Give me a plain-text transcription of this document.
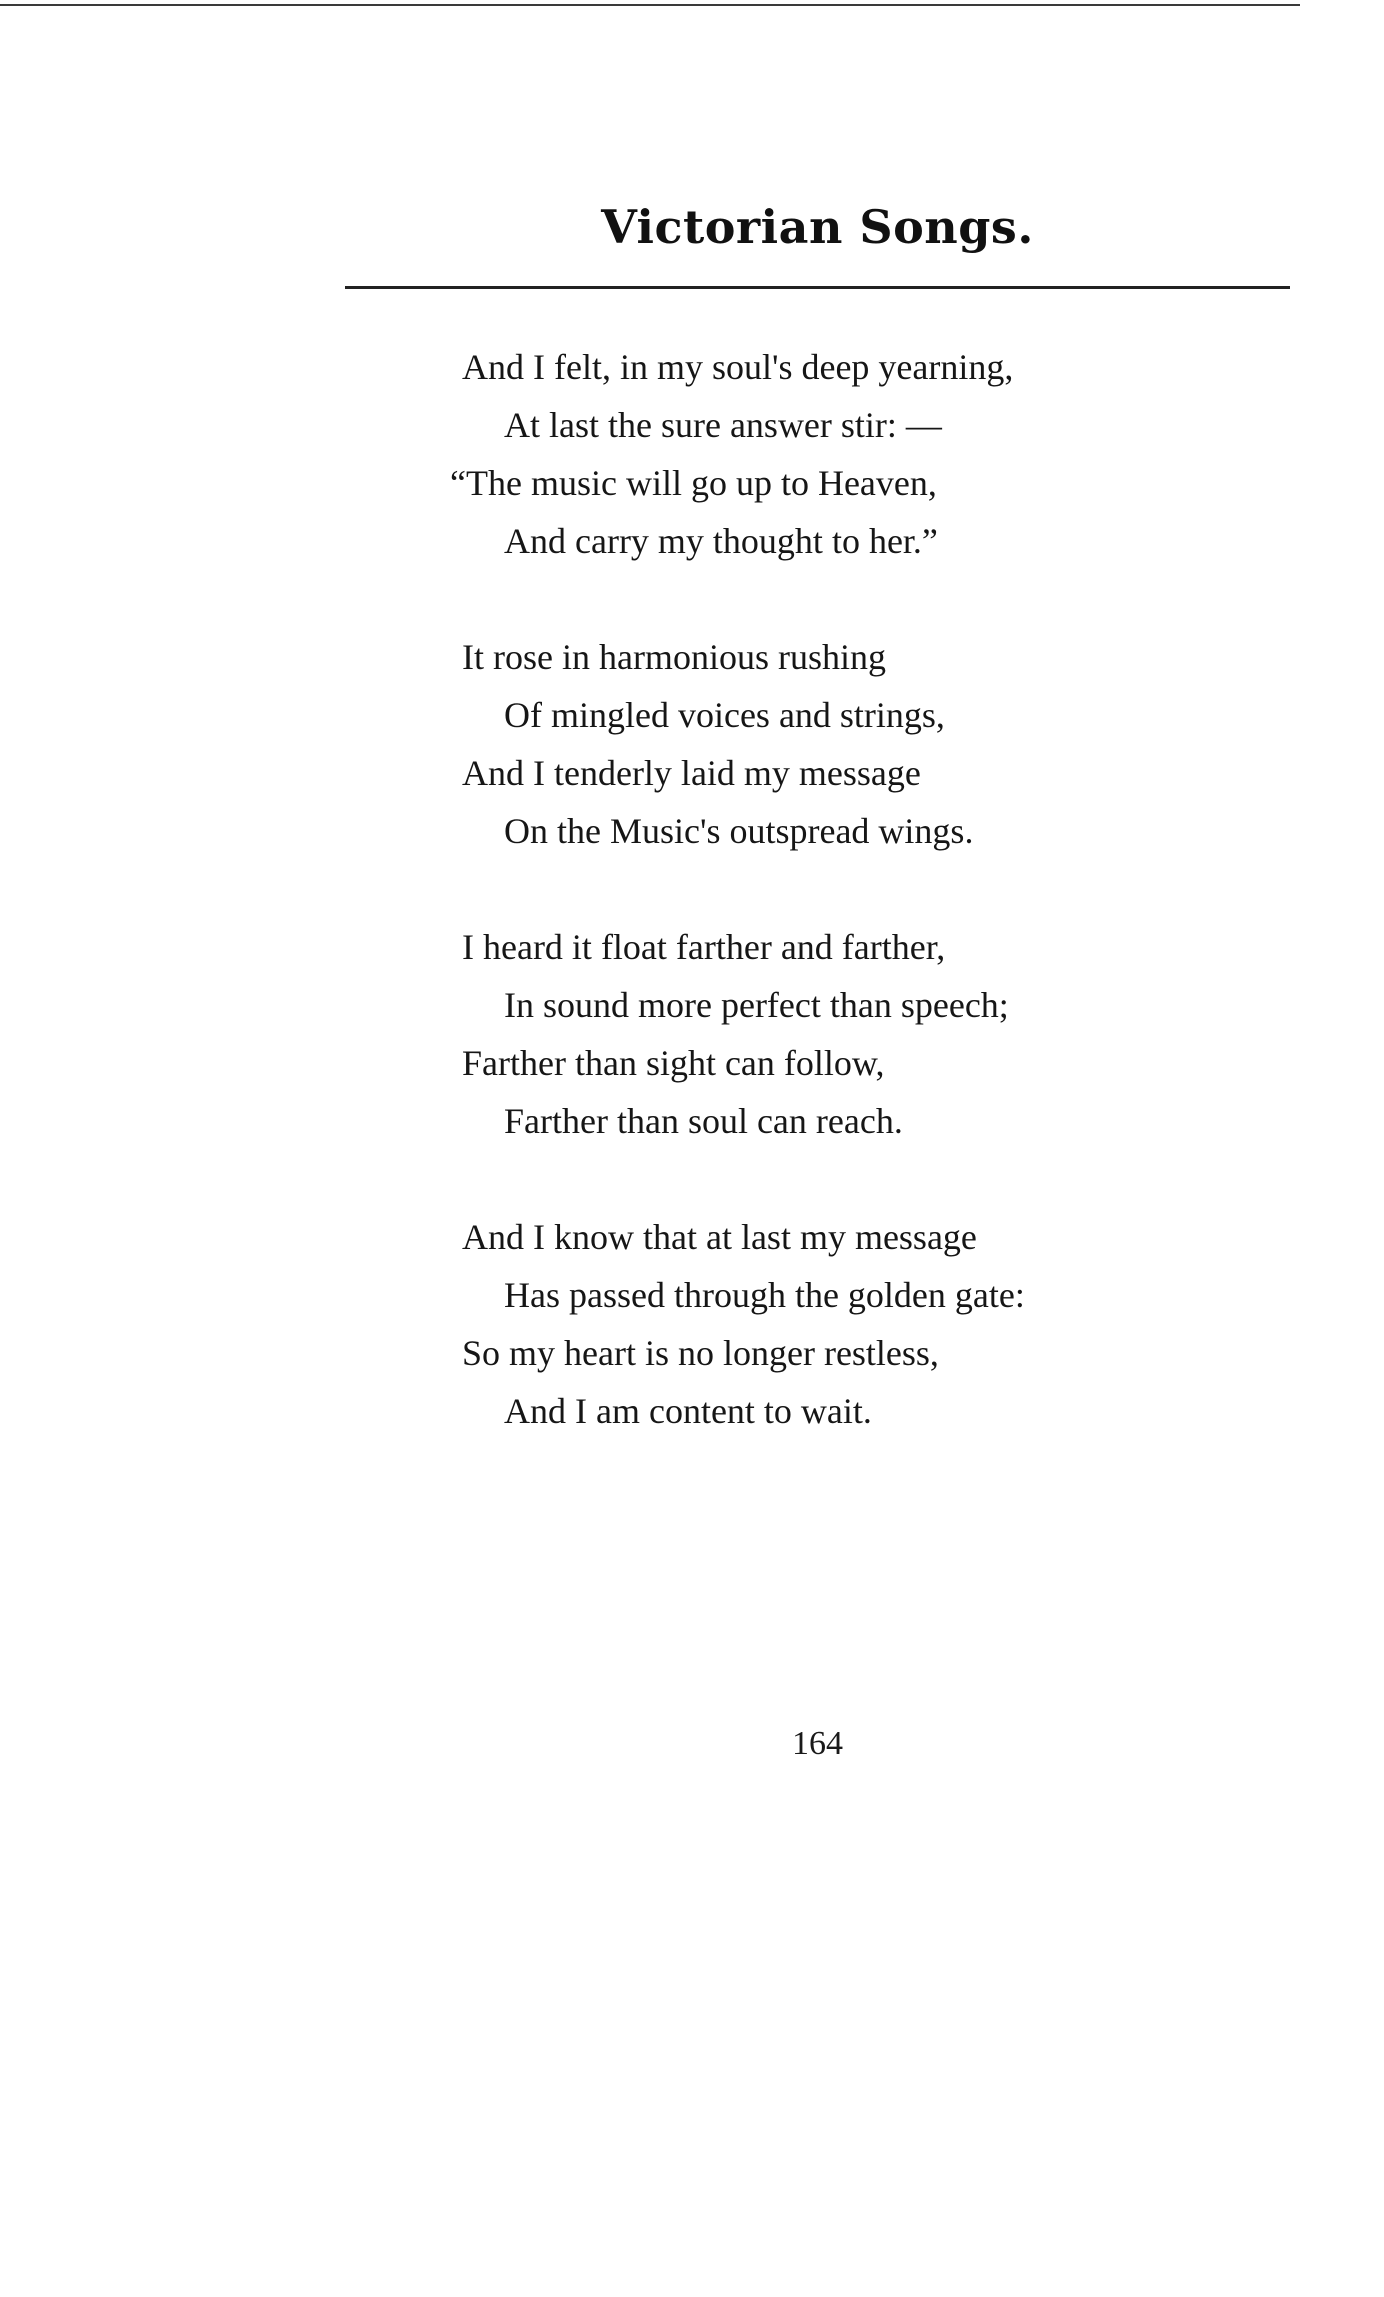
Victorian Songs.
And I felt, in my soul's deep yearning,
At last the sure answer stir: —
“The music will go up to Heaven,
And carry my thought to her.”
It rose in harmonious rushing
Of mingled voices and strings,
And I tenderly laid my message
On the Music's outspread wings.
I heard it float farther and farther,
In sound more perfect than speech;
Farther than sight can follow,
Farther than soul can reach.
And I know that at last my message
Has passed through the golden gate:
So my heart is no longer restless,
And I am content to wait.
164
